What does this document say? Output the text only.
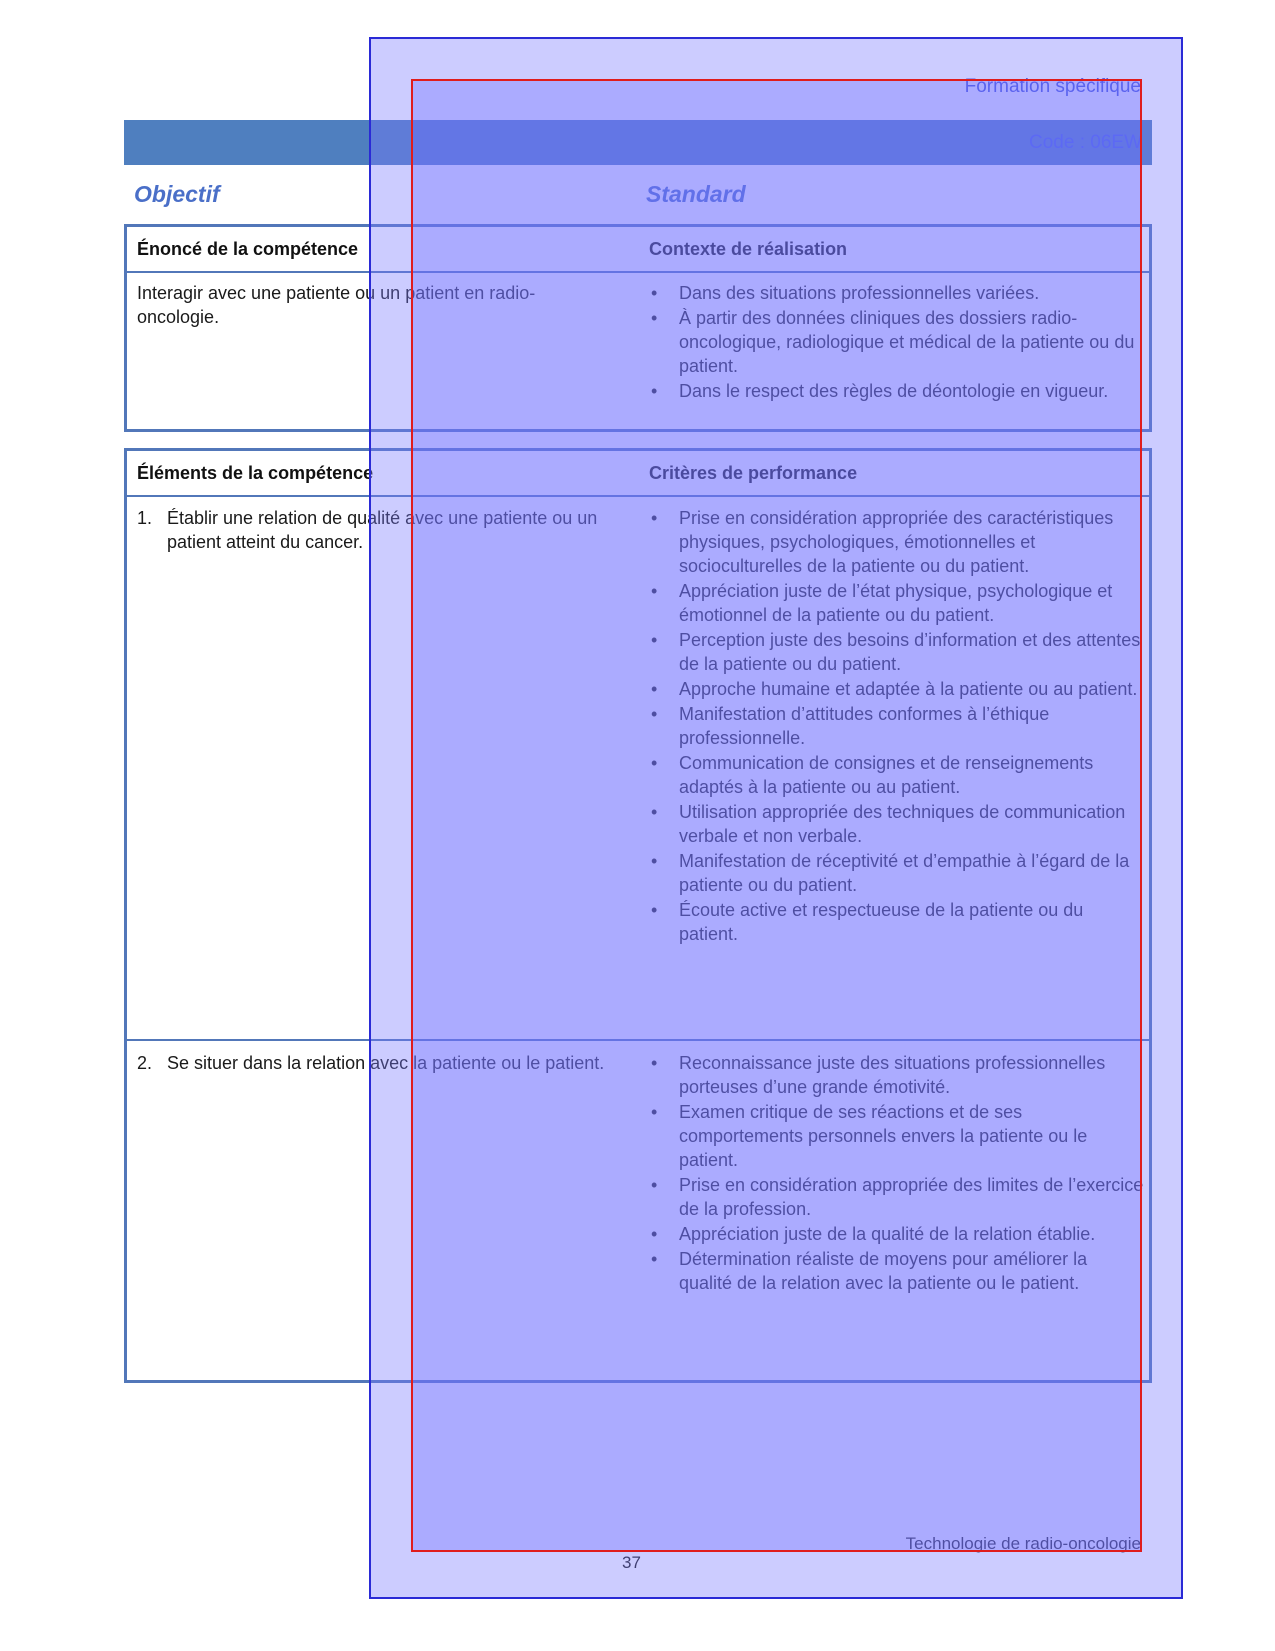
Formation spécifique
Code : 06EW
Objectif	Standard
Énoncé de la compétence	Contexte de réalisation
Interagir avec une patiente ou un patient en radio-oncologie.
• Dans des situations professionnelles variées.
• À partir des données cliniques des dossiers radio-oncologique, radiologique et médical de la patiente ou du patient.
• Dans le respect des règles de déontologie en vigueur.
Éléments de la compétence	Critères de performance
1. Établir une relation de qualité avec une patiente ou un patient atteint du cancer.
• Prise en considération appropriée des caractéristiques physiques, psychologiques, émotionnelles et socioculturelles de la patiente ou du patient.
• Appréciation juste de l’état physique, psychologique et émotionnel de la patiente ou du patient.
• Perception juste des besoins d’information et des attentes de la patiente ou du patient.
• Approche humaine et adaptée à la patiente ou au patient.
• Manifestation d’attitudes conformes à l’éthique professionnelle.
• Communication de consignes et de renseignements adaptés à la patiente ou au patient.
• Utilisation appropriée des techniques de communication verbale et non verbale.
• Manifestation de réceptivité et d’empathie à l’égard de la patiente ou du patient.
• Écoute active et respectueuse de la patiente ou du patient.
2. Se situer dans la relation avec la patiente ou le patient.
•	Reconnaissance juste des situations professionnelles porteuses d’une grande émotivité.
• Examen critique de ses réactions et de ses comportements personnels envers la patiente ou le patient.
• Prise en considération appropriée des limites de l’exercice de la profession.
• Appréciation juste de la qualité de la relation établie.
• Détermination réaliste de moyens pour améliorer la qualité de la relation avec la patiente ou le patient.
Technologie de radio-oncologie
37
